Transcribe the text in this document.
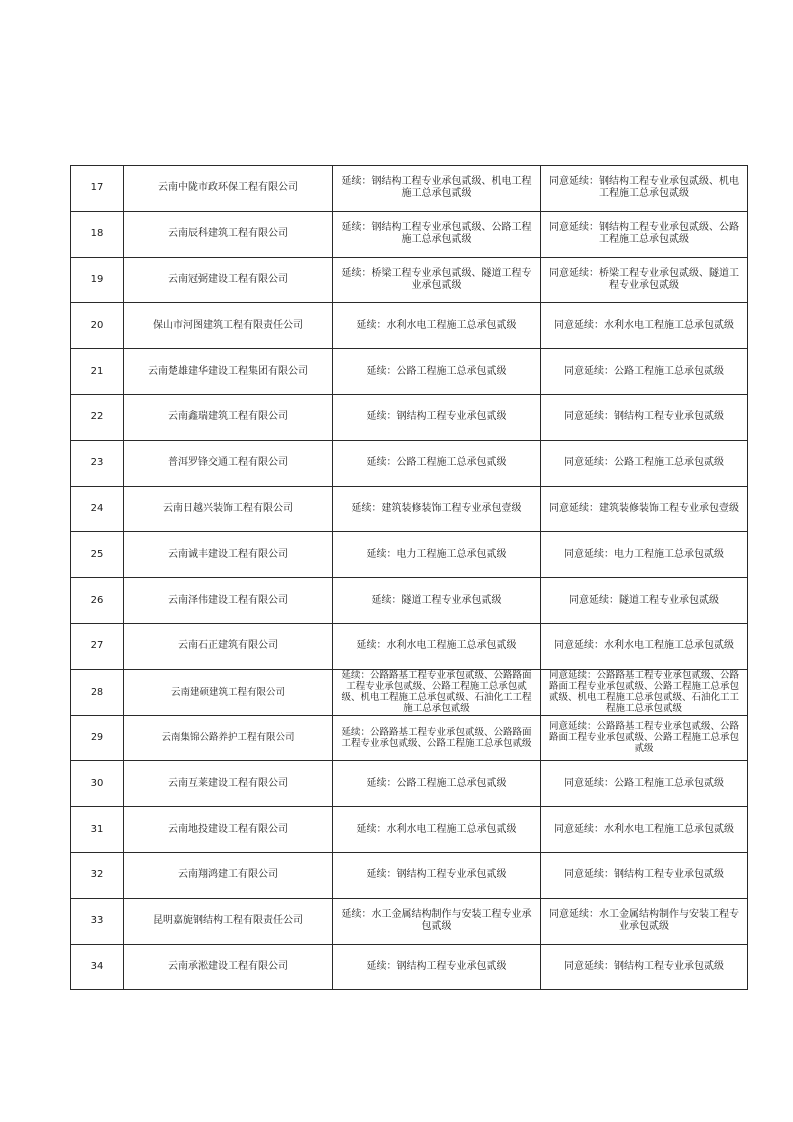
17	云南中陇市政环保工程有限公司	延续：钢结构工程专业承包贰级、机电工程施工总承包贰级	同意延续：钢结构工程专业承包贰级、机电工程施工总承包贰级
18	云南辰科建筑工程有限公司	延续：钢结构工程专业承包贰级、公路工程施工总承包贰级	同意延续：钢结构工程专业承包贰级、公路工程施工总承包贰级
19	云南冠弼建设工程有限公司	延续：桥梁工程专业承包贰级、隧道工程专业承包贰级	同意延续：桥梁工程专业承包贰级、隧道工程专业承包贰级
20	保山市河图建筑工程有限责任公司	延续：水利水电工程施工总承包贰级	同意延续：水利水电工程施工总承包贰级
21	云南楚雄建华建设工程集团有限公司	延续：公路工程施工总承包贰级	同意延续：公路工程施工总承包贰级
22	云南鑫瑞建筑工程有限公司	延续：钢结构工程专业承包贰级	同意延续：钢结构工程专业承包贰级
23	普洱罗锋交通工程有限公司	延续：公路工程施工总承包贰级	同意延续：公路工程施工总承包贰级
24	云南日越兴装饰工程有限公司	延续：建筑装修装饰工程专业承包壹级	同意延续：建筑装修装饰工程专业承包壹级
25	云南诚丰建设工程有限公司	延续：电力工程施工总承包贰级	同意延续：电力工程施工总承包贰级
26	云南泽伟建设工程有限公司	延续：隧道工程专业承包贰级	同意延续：隧道工程专业承包贰级
27	云南石正建筑有限公司	延续：水利水电工程施工总承包贰级	同意延续：水利水电工程施工总承包贰级
28	云南建硕建筑工程有限公司	延续：公路路基工程专业承包贰级、公路路面工程专业承包贰级、公路工程施工总承包贰级、机电工程施工总承包贰级、石油化工工程施工总承包贰级	同意延续：公路路基工程专业承包贰级、公路路面工程专业承包贰级、公路工程施工总承包贰级、机电工程施工总承包贰级、石油化工工程施工总承包贰级
29	云南集锦公路养护工程有限公司	延续：公路路基工程专业承包贰级、公路路面工程专业承包贰级、公路工程施工总承包贰级	同意延续：公路路基工程专业承包贰级、公路路面工程专业承包贰级、公路工程施工总承包贰级
30	云南互莱建设工程有限公司	延续：公路工程施工总承包贰级	同意延续：公路工程施工总承包贰级
31	云南地投建设工程有限公司	延续：水利水电工程施工总承包贰级	同意延续：水利水电工程施工总承包贰级
32	云南翔鸿建工有限公司	延续：钢结构工程专业承包贰级	同意延续：钢结构工程专业承包贰级
33	昆明嘉旎钢结构工程有限责任公司	延续：水工金属结构制作与安装工程专业承包贰级	同意延续：水工金属结构制作与安装工程专业承包贰级
34	云南承淞建设工程有限公司	延续：钢结构工程专业承包贰级	同意延续：钢结构工程专业承包贰级
